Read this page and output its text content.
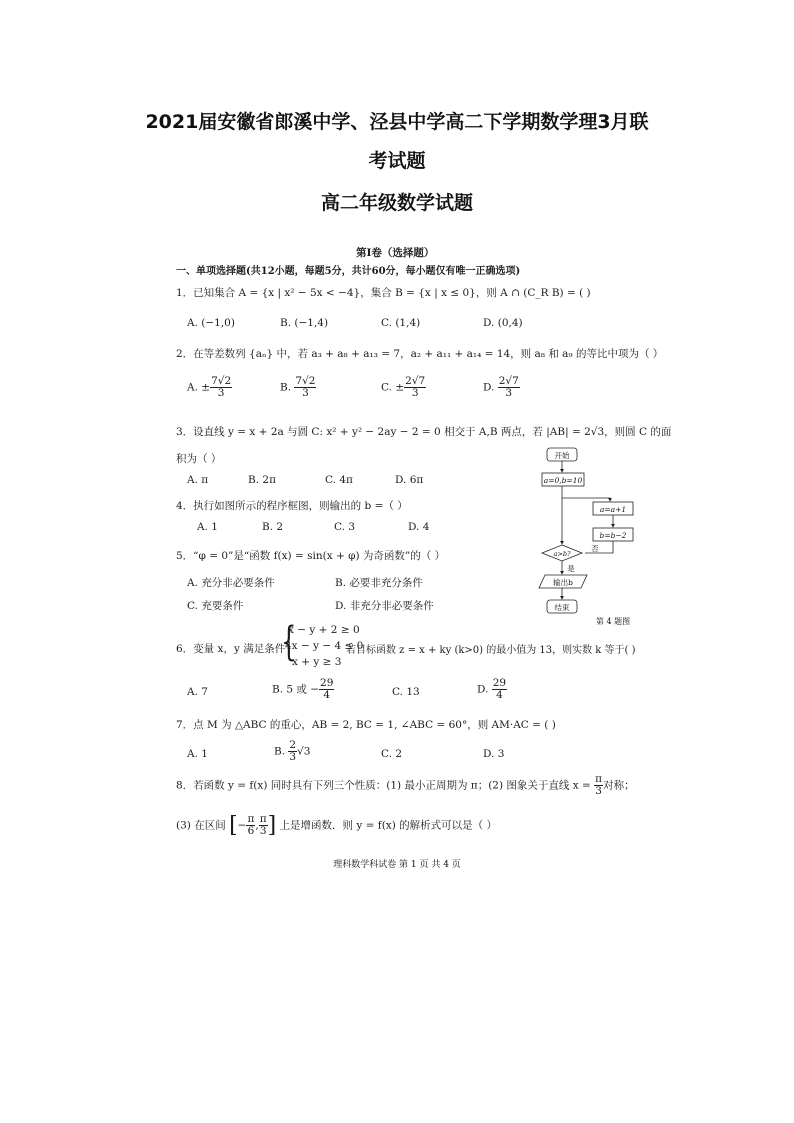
2021届安徽省郎溪中学、泾县中学高二下学期数学理3月联
考试题
高二年级数学试题
第Ⅰ卷（选择题）
一、单项选择题(共12小题，每题5分，共计60分，每小题仅有唯一正确选项)
1．已知集合 A = {x | x² − 5x < −4}，集合 B = {x | x ≤ 0}，则 A ∩ (C_R B) = ( )
A. (−1,0)	B. (−1,4)	C. (1,4)	D. (0,4)
2．在等差数列 {aₙ} 中，若 a₃ + a₈ + a₁₃ = 7，a₂ + a₁₁ + a₁₄ = 14，则 a₈ 和 a₉ 的等比中项为（ ）
A. ± $\frac{7√2}{3}$	B. $\frac{7√2}{3}$	C. ± $\frac{2√7}{3}$	D. $\frac{2√7}{3}$
3．设直线 y = x + 2a 与圆 C: x² + y² − 2ay − 2 = 0 相交于 A,B 两点，若 |AB| = 2√3，则圆 C 的面
积为（ ）
A. π	B. 2π	C. 4π	D. 6π
4．执行如图所示的程序框图，则输出的 b =（ ）
A. 1	B. 2	C. 3	D. 4
5．“φ = 0”是“函数 f(x) = sin(x + φ) 为奇函数”的（ ）
A. 充分非必要条件	B. 必要非充分条件
C. 充要条件	D. 非充分非必要条件
6．变量 x，y 满足条件
{
x − y + 2 ≥ 0
4x − y − 4 ≤ 0
x + y ≥ 3
若目标函数 z = x + ky (k>0) 的最小值为 13，则实数 k 等于( )
A. 7	B. 5 或 − $\frac{29}{4}$	C. 13	D. $\frac{29}{4}$
7．点 M 为 △ABC 的重心，AB = 2, BC = 1, ∠ABC = 60°，则 AM·AC = ( )
A. 1	B. $\frac{2}{3} √3$	C. 2	D. 3
8．若函数 y = f(x) 同时具有下列三个性质：(1) 最小正周期为 π；(2) 图象关于直线 $x = \frac{\pi}{3}$ 对称；
(3) 在区间 [− $\frac{\pi}{6}$ , $\frac{\pi}{3}$ ] 上是增函数．则 y = f(x) 的解析式可以是（ ）
开始
a=0,b=10
a=a+1
b=b−2
a>b?
否
是
输出b
结束
第 4 题图
理科数学科试卷 第 1 页 共 4 页
